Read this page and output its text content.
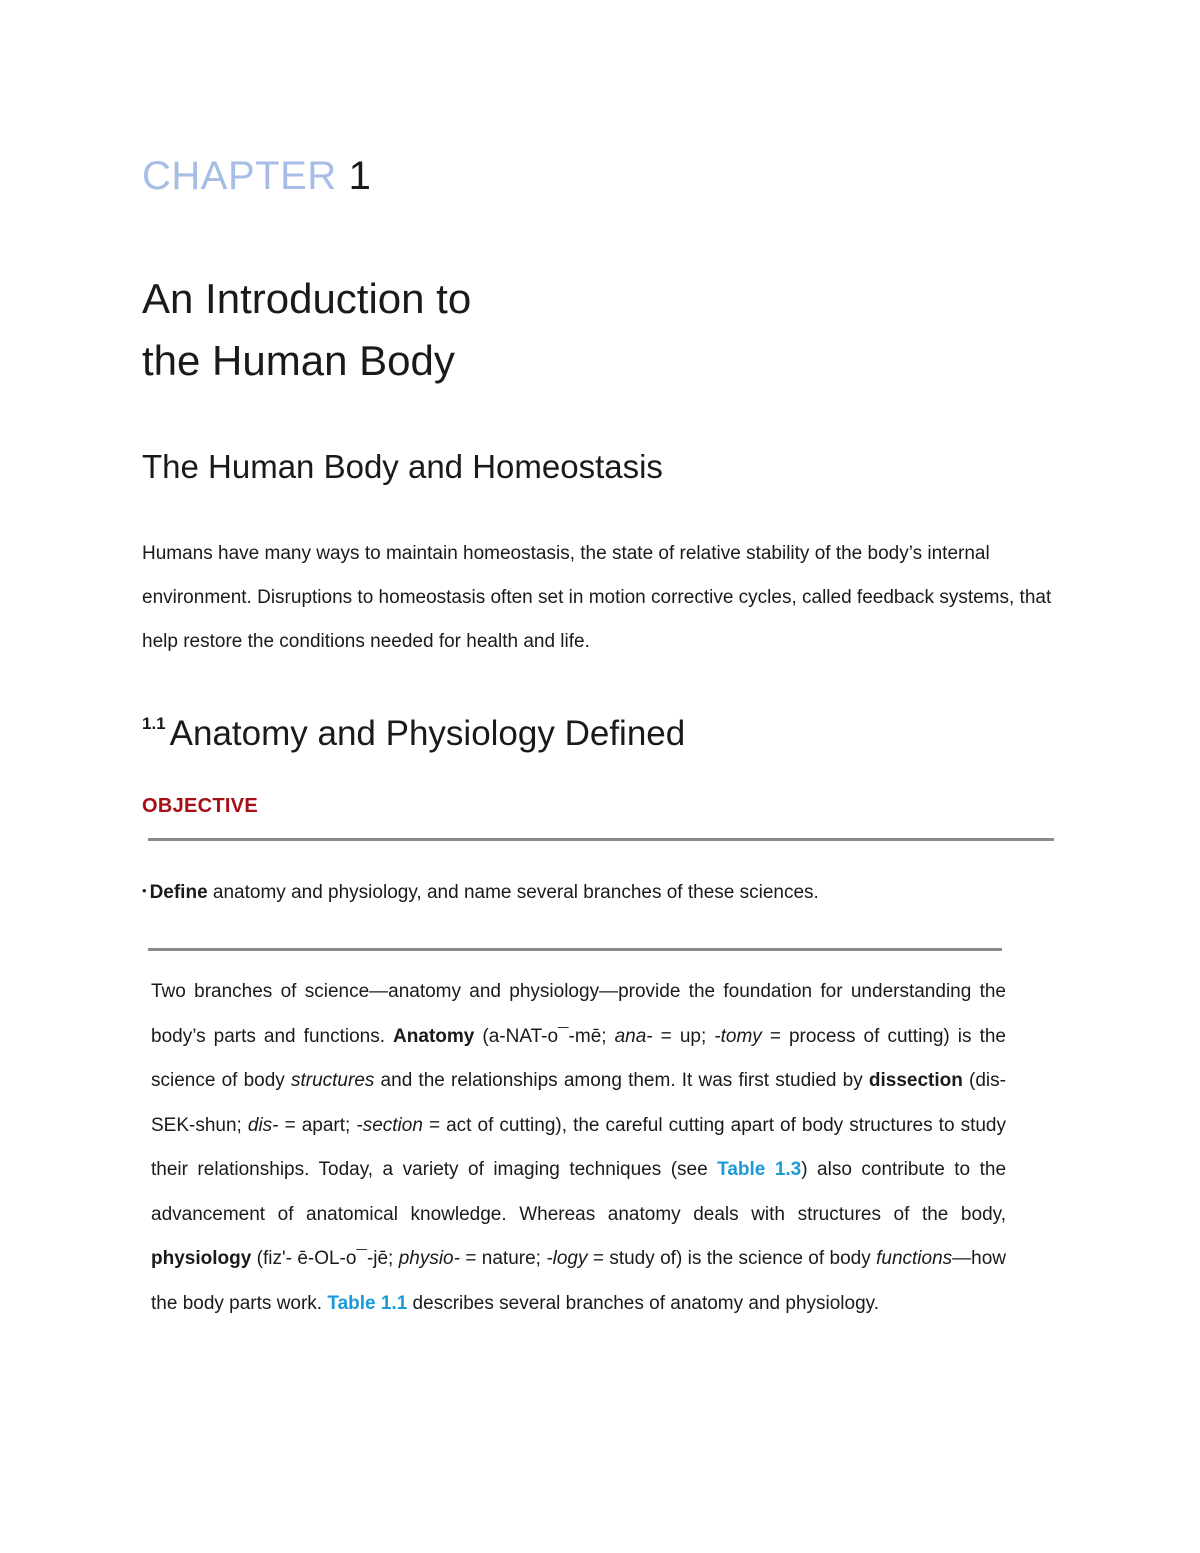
CHAPTER 1
An Introduction to
the Human Body
The Human Body and Homeostasis

Humans have many ways to maintain homeostasis, the state of relative stability of the body’s internal environment. Disruptions to homeostasis often set in motion corrective cycles, called feedback systems, that help restore the conditions needed for health and life.

$^{1.1}$ Anatomy and Physiology Defined
OBJECTIVE
• Define anatomy and physiology, and name several branches of these sciences.

Two branches of science—anatomy and physiology—provide the foundation for understanding the body’s parts and functions. Anatomy (a-NAT-o¯-mē; ana- = up; -tomy = process of cutting) is the science of body structures and the relationships among them. It was first studied by dissection (dis-SEK-shun; dis- = apart; -section = act of cutting), the careful cutting apart of body structures to study their relationships. Today, a variety of imaging techniques (see Table 1.3) also contribute to the advancement of anatomical knowledge. Whereas anatomy deals with structures of the body, physiology (fiz'- ē-OL-o¯-jē; physio- = nature; -logy = study of) is the science of body functions—how the body parts work. Table 1.1 describes several branches of anatomy and physiology.
